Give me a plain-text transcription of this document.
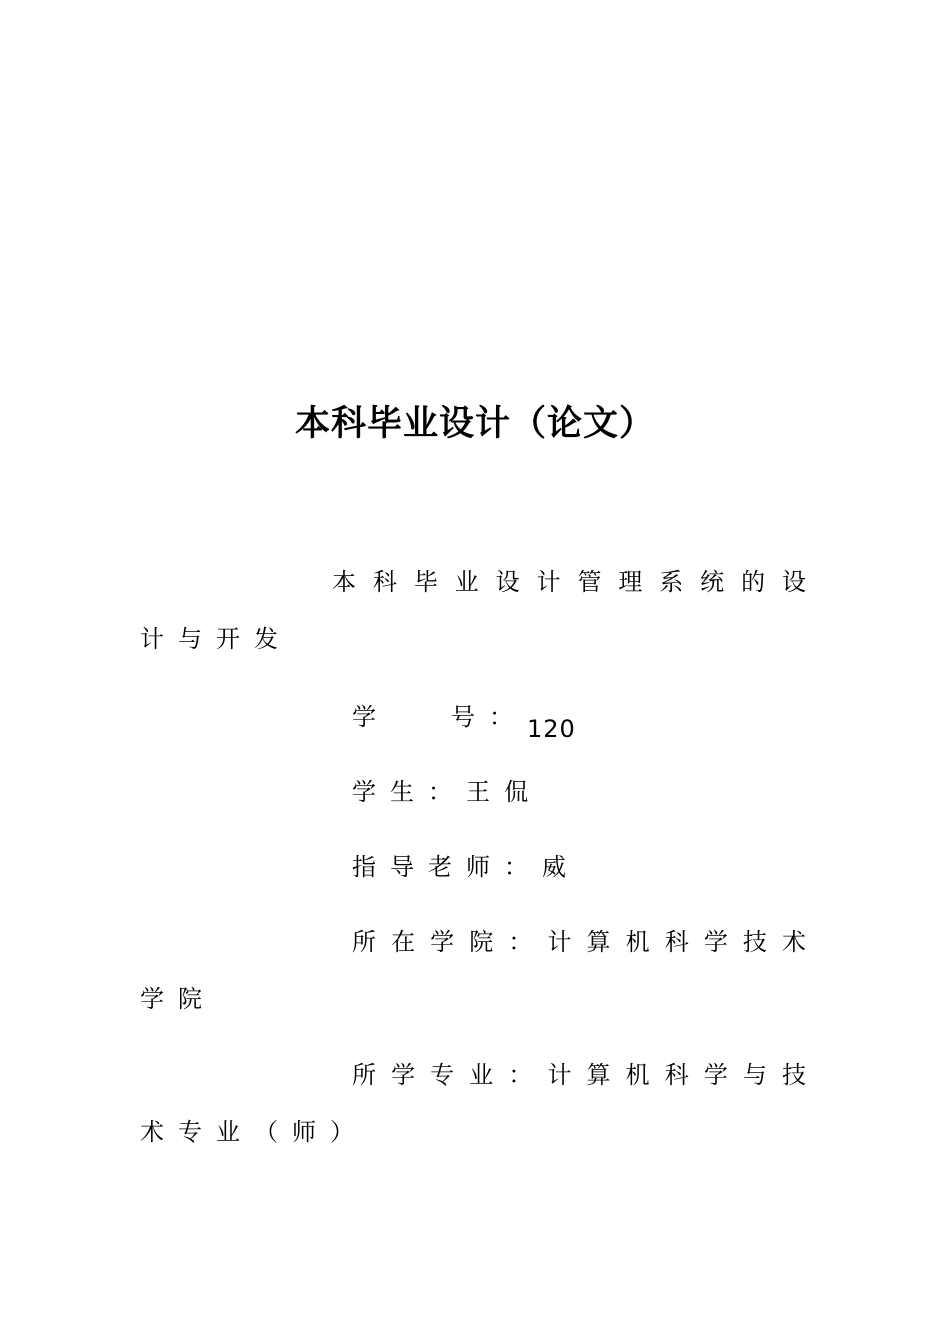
本科毕业设计（论文）

本科毕业设计管理系统的设计与开发

学	号： 120
学生：王侃
指导老师：威

所在学院：计算机科学技术学院

所学专业：计算机科学与技术专业（师）
